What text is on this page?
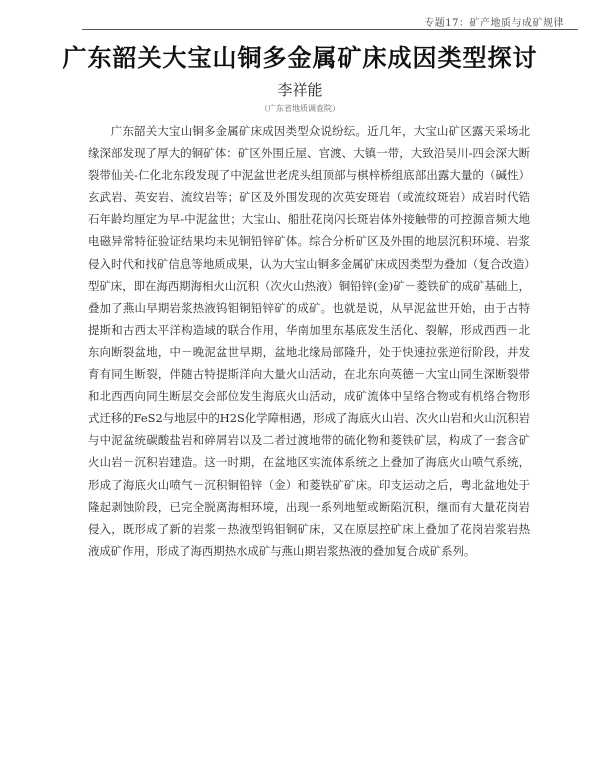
专题17：矿产地质与成矿规律
广东韶关大宝山铜多金属矿床成因类型探讨
李祥能
（广东省地质调查院）

广东韶关大宝山铜多金属矿床成因类型众说纷纭。近几年，大宝山矿区露天采场北缘深部发现了厚大的铜矿体：矿区外围丘屋、官渡、大镇一带，大致沿吴川-四会深大断裂带仙关-仁化北东段发现了中泥盆世老虎头组顶部与棋梓桥组底部出露大量的（碱性）玄武岩、英安岩、流纹岩等；矿区及外围发现的次英安斑岩（或流纹斑岩）成岩时代锆石年龄均厘定为早-中泥盆世；大宝山、船肚花岗闪长斑岩体外接触带的可控源音频大地电磁异常特征验证结果均未见铜铅锌矿体。综合分析矿区及外围的地层沉积环境、岩浆侵入时代和找矿信息等地质成果，认为大宝山铜多金属矿床成因类型为叠加（复合改造）型矿床，即在海西期海相火山沉积（次火山热液）铜铅锌(金)矿－菱铁矿的成矿基础上，叠加了燕山早期岩浆热液钨钼铜铅锌矿的成矿。也就是说，从早泥盆世开始，由于古特提斯和古西太平洋构造域的联合作用，华南加里东基底发生活化、裂解，形成西西－北东向断裂盆地，中－晚泥盆世早期，盆地北缘局部隆升，处于快速拉张逆衍阶段，并发育有同生断裂，伴随古特提斯洋向大量火山活动，在北东向英德－大宝山同生深断裂带和北西西向同生断层交会部位发生海底火山活动，成矿流体中呈络合物或有机络合物形式迁移的FeS2与地层中的H2S化学障相遇，形成了海底火山岩、次火山岩和火山沉积岩与中泥盆统碳酸盐岩和碎屑岩以及二者过渡地带的硫化物和菱铁矿层，构成了一套含矿火山岩－沉积岩建造。这一时期，在盆地区实流体系统之上叠加了海底火山喷气系统，形成了海底火山喷气－沉积铜铅锌（金）和菱铁矿矿床。印支运动之后，粤北盆地处于隆起剥蚀阶段，已完全脱离海相环境，出现一系列地堑或断陷沉积，继而有大量花岗岩侵入，既形成了新的岩浆－热液型钨钼铜矿床，又在原层控矿床上叠加了花岗岩浆岩热液成矿作用，形成了海西期热水成矿与燕山期岩浆热液的叠加复合成矿系列。
